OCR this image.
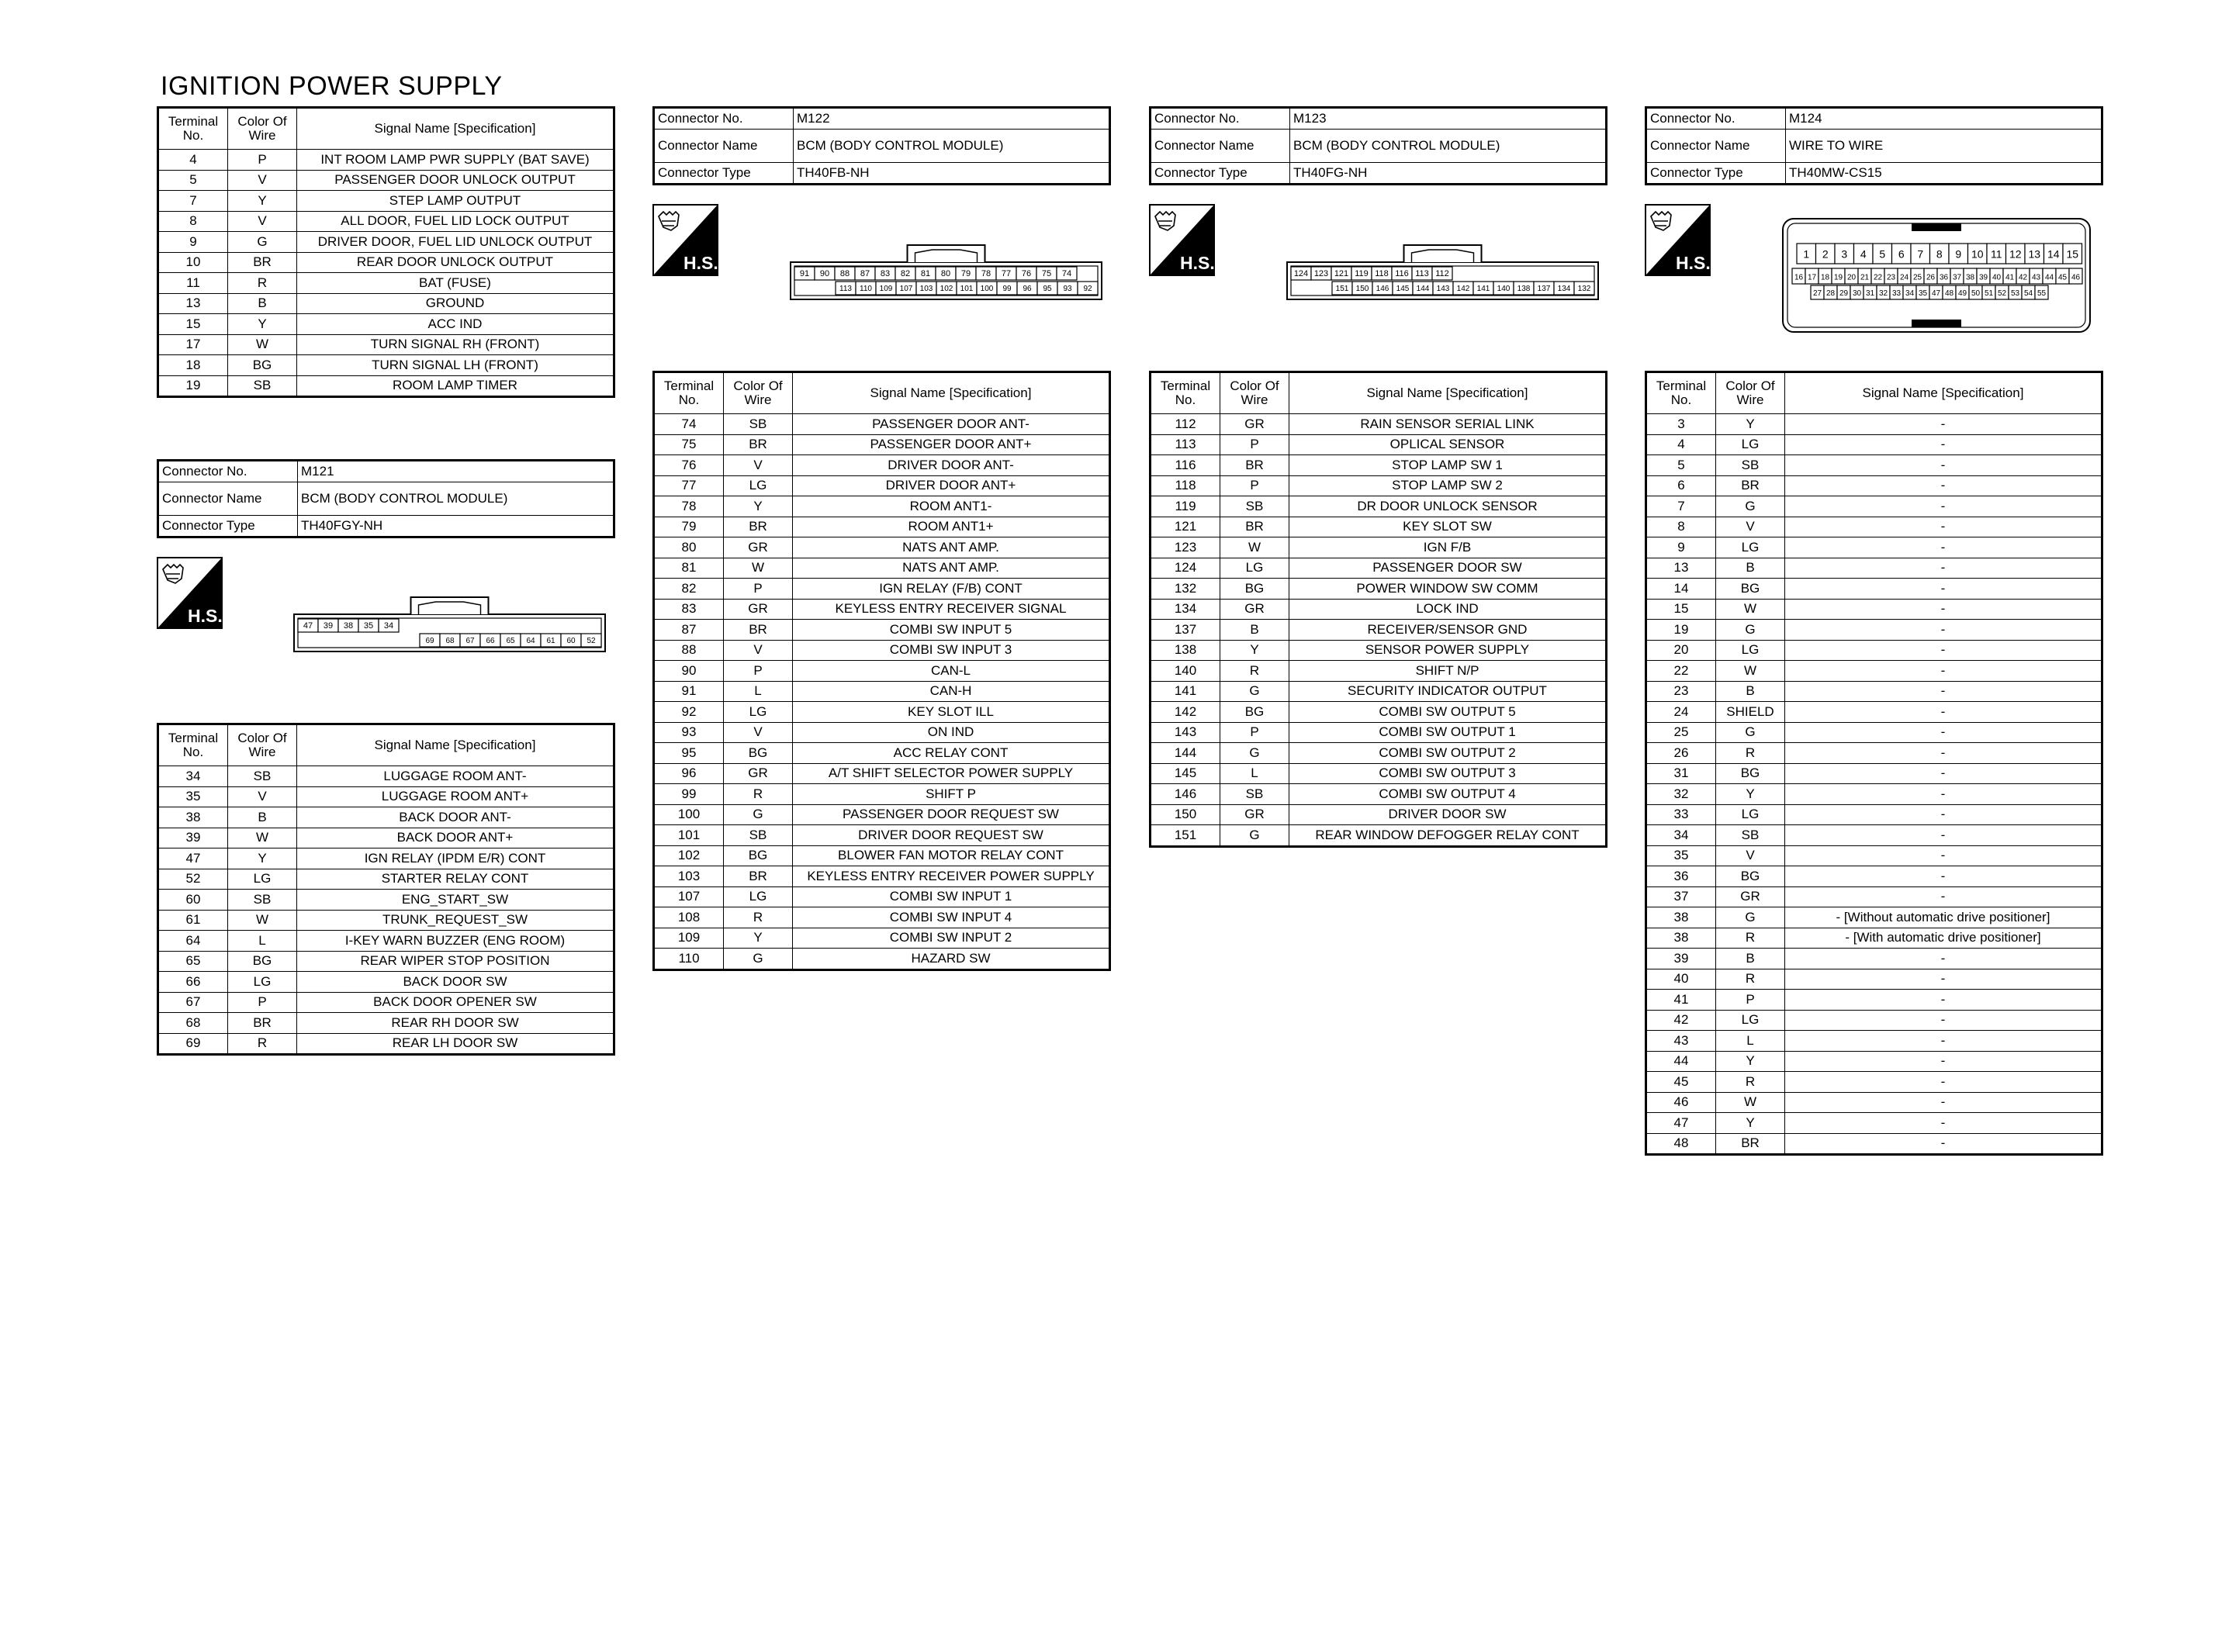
IGNITION POWER SUPPLY
Terminal No.	Color Of Wire	Signal Name [Specification]
4	P	INT ROOM LAMP PWR SUPPLY (BAT SAVE)
5	V	PASSENGER DOOR UNLOCK OUTPUT
7	Y	STEP LAMP OUTPUT
8	V	ALL DOOR, FUEL LID LOCK OUTPUT
9	G	DRIVER DOOR, FUEL LID UNLOCK OUTPUT
10	BR	REAR DOOR UNLOCK OUTPUT
11	R	BAT (FUSE)
13	B	GROUND
15	Y	ACC IND
17	W	TURN SIGNAL RH (FRONT)
18	BG	TURN SIGNAL LH (FRONT)
19	SB	ROOM LAMP TIMER
Connector No.	M121
Connector Name	BCM (BODY CONTROL MODULE)
Connector Type	TH40FGY-NH
H.S.
47 39 38 35 34
69 68 67 66 65 64 61 60 52
Terminal No.	Color Of Wire	Signal Name [Specification]
34	SB	LUGGAGE ROOM ANT-
35	V	LUGGAGE ROOM ANT+
38	B	BACK DOOR ANT-
39	W	BACK DOOR ANT+
47	Y	IGN RELAY (IPDM E/R) CONT
52	LG	STARTER RELAY CONT
60	SB	ENG_START_SW
61	W	TRUNK_REQUEST_SW
64	L	I-KEY WARN BUZZER (ENG ROOM)
65	BG	REAR WIPER STOP POSITION
66	LG	BACK DOOR SW
67	P	BACK DOOR OPENER SW
68	BR	REAR RH DOOR SW
69	R	REAR LH DOOR SW
Connector No.	M122
Connector Name	BCM (BODY CONTROL MODULE)
Connector Type	TH40FB-NH
H.S.
91 90 88 87 83 82 81 80 79 78 77 76 75 74
113 110 109 107 103 102 101 100 99 96 95 93 92
Terminal No.	Color Of Wire	Signal Name [Specification]
74	SB	PASSENGER DOOR ANT-
75	BR	PASSENGER DOOR ANT+
76	V	DRIVER DOOR ANT-
77	LG	DRIVER DOOR ANT+
78	Y	ROOM ANT1-
79	BR	ROOM ANT1+
80	GR	NATS ANT AMP.
81	W	NATS ANT AMP.
82	P	IGN RELAY (F/B) CONT
83	GR	KEYLESS ENTRY RECEIVER SIGNAL
87	BR	COMBI SW INPUT 5
88	V	COMBI SW INPUT 3
90	P	CAN-L
91	L	CAN-H
92	LG	KEY SLOT ILL
93	V	ON IND
95	BG	ACC RELAY CONT
96	GR	A/T SHIFT SELECTOR POWER SUPPLY
99	R	SHIFT P
100	G	PASSENGER DOOR REQUEST SW
101	SB	DRIVER DOOR REQUEST SW
102	BG	BLOWER FAN MOTOR RELAY CONT
103	BR	KEYLESS ENTRY RECEIVER POWER SUPPLY
107	LG	COMBI SW INPUT 1
108	R	COMBI SW INPUT 4
109	Y	COMBI SW INPUT 2
110	G	HAZARD SW
Connector No.	M123
Connector Name	BCM (BODY CONTROL MODULE)
Connector Type	TH40FG-NH
H.S.
124 123 121 119 118 116 113 112
151 150 146 145 144 143 142 141 140 138 137 134 132
Terminal No.	Color Of Wire	Signal Name [Specification]
112	GR	RAIN SENSOR SERIAL LINK
113	P	OPLICAL SENSOR
116	BR	STOP LAMP SW 1
118	P	STOP LAMP SW 2
119	SB	DR DOOR UNLOCK SENSOR
121	BR	KEY SLOT SW
123	W	IGN F/B
124	LG	PASSENGER DOOR SW
132	BG	POWER WINDOW SW COMM
134	GR	LOCK IND
137	B	RECEIVER/SENSOR GND
138	Y	SENSOR POWER SUPPLY
140	R	SHIFT N/P
141	G	SECURITY INDICATOR OUTPUT
142	BG	COMBI SW OUTPUT 5
143	P	COMBI SW OUTPUT 1
144	G	COMBI SW OUTPUT 2
145	L	COMBI SW OUTPUT 3
146	SB	COMBI SW OUTPUT 4
150	GR	DRIVER DOOR SW
151	G	REAR WINDOW DEFOGGER RELAY CONT
Connector No.	M124
Connector Name	WIRE TO WIRE
Connector Type	TH40MW-CS15
H.S.	1 2 3 4 5 6 7 8 9 10 11 12 13 14 15
16 17 18 19 20 21 22 23 24 25 26 36 37 38 39 40 41 42 43 44 45 46
27 28 29 30 31 32 33 34 35 47 48 49 50 51 52 53 54 55
Terminal No.	Color Of Wire	Signal Name [Specification]
3	Y	-
4	LG	-
5	SB	-
6	BR	-
7	G	-
8	V	-
9	LG	-
13	B	-
14	BG	-
15	W	-
19	G	-
20	LG	-
22	W	-
23	B	-
24	SHIELD	-
25	G	-
26	R	-
31	BG	-
32	Y	-
33	LG	-
34	SB	-
35	V	-
36	BG	-
37	GR	-
38	G	- [Without automatic drive positioner]
38	R	- [With automatic drive positioner]
39	B	-
40	R	-
41	P	-
42	LG	-
43	L	-
44	Y	-
45	R	-
46	W	-
47	Y	-
48	BR	-
